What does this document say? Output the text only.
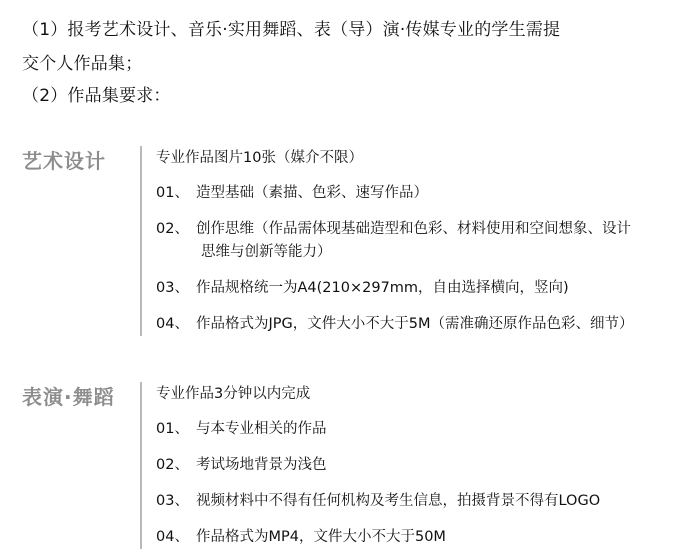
（1）报考艺术设计、音乐·实用舞蹈、表（导）演·传媒专业的学生需提

交个人作品集；

（2）作品集要求：

艺术设计	专业作品图片10张（媒介不限）

01、 造型基础（素描、色彩、速写作品）
02、 创作思维（作品需体现基础造型和色彩、材料使用和空间想象、设计
思维与创新等能力）
03、 作品规格统一为A4(210×297mm，自由选择横向，竖向)
04、 作品格式为JPG，文件大小不大于5M（需准确还原作品色彩、细节）
表演·舞蹈	专业作品3分钟以内完成

01、 与本专业相关的作品
02、 考试场地背景为浅色
03、 视频材料中不得有任何机构及考生信息，拍摄背景不得有LOGO
04、 作品格式为MP4，文件大小不大于50M
